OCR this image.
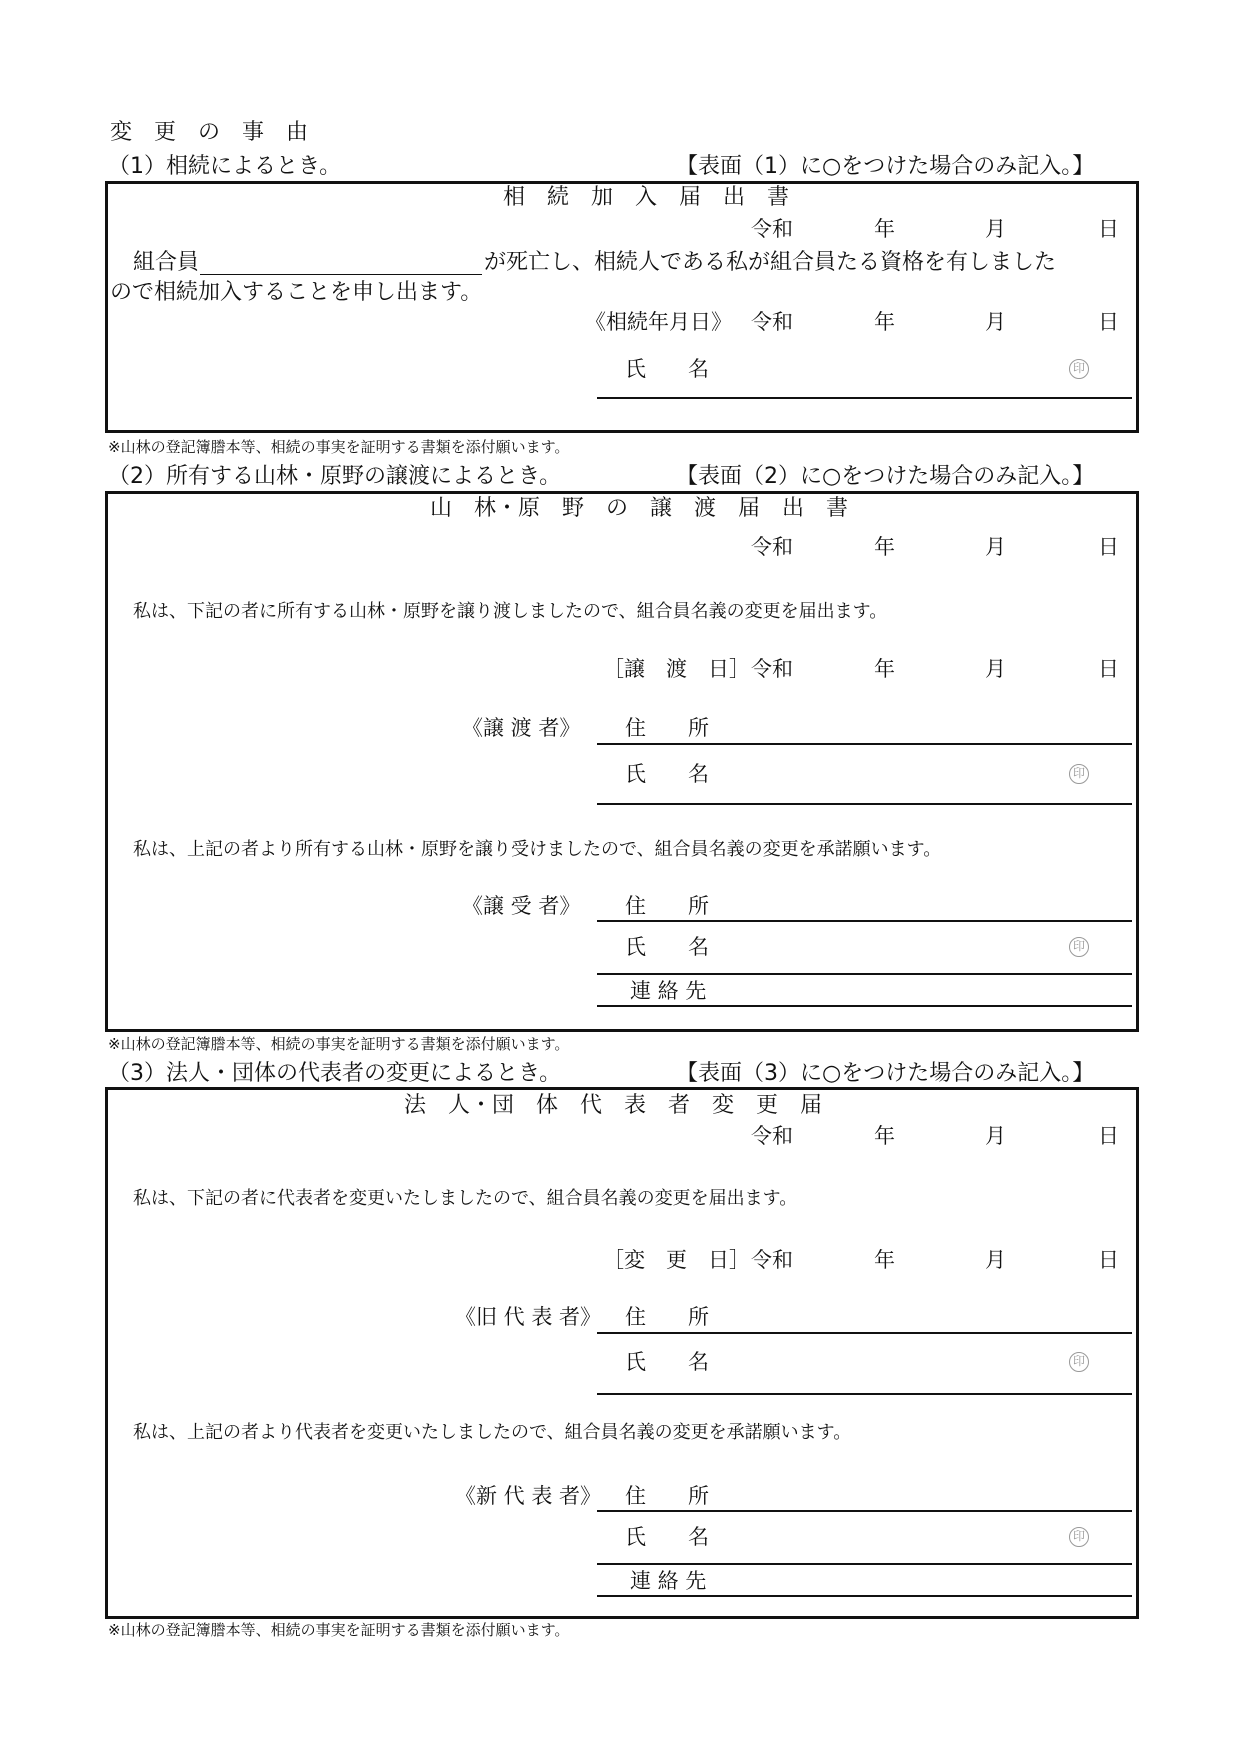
変　更　の　事　由
（1）相続によるとき。	【表面（1）に○をつけた場合のみ記入。】
相　続　加　入　届　出　書
令和	年	月	日
組合員	が死亡し、相続人である私が組合員たる資格を有しました
ので相続加入することを申し出ます。
《相続年月日》 令和	年	月	日
氏　　名	印
※山林の登記簿謄本等、相続の事実を証明する書類を添付願います。
（2）所有する山林・原野の譲渡によるとき。	【表面（2）に○をつけた場合のみ記入。】
山　林・原　野　の　譲　渡　届　出　書
令和	年	月	日
私は、下記の者に所有する山林・原野を譲り渡しましたので、組合員名義の変更を届出ます。
［譲　渡　日］ 令和	年	月	日
《譲 渡 者》 住　　所
氏　　名	印
私は、上記の者より所有する山林・原野を譲り受けましたので、組合員名義の変更を承諾願います。
《譲 受 者》 住　　所
氏　　名	印
連 絡 先
※山林の登記簿謄本等、相続の事実を証明する書類を添付願います。
（3）法人・団体の代表者の変更によるとき。	【表面（3）に○をつけた場合のみ記入。】
法　人・団　体　代　表　者　変　更　届
令和	年	月	日
私は、下記の者に代表者を変更いたしましたので、組合員名義の変更を届出ます。
［変　更　日］ 令和	年	月	日
《旧 代 表 者》 住　　所
氏　　名	印
私は、上記の者より代表者を変更いたしましたので、組合員名義の変更を承諾願います。
《新 代 表 者》 住　　所
氏　　名	印
連 絡 先
※山林の登記簿謄本等、相続の事実を証明する書類を添付願います。
